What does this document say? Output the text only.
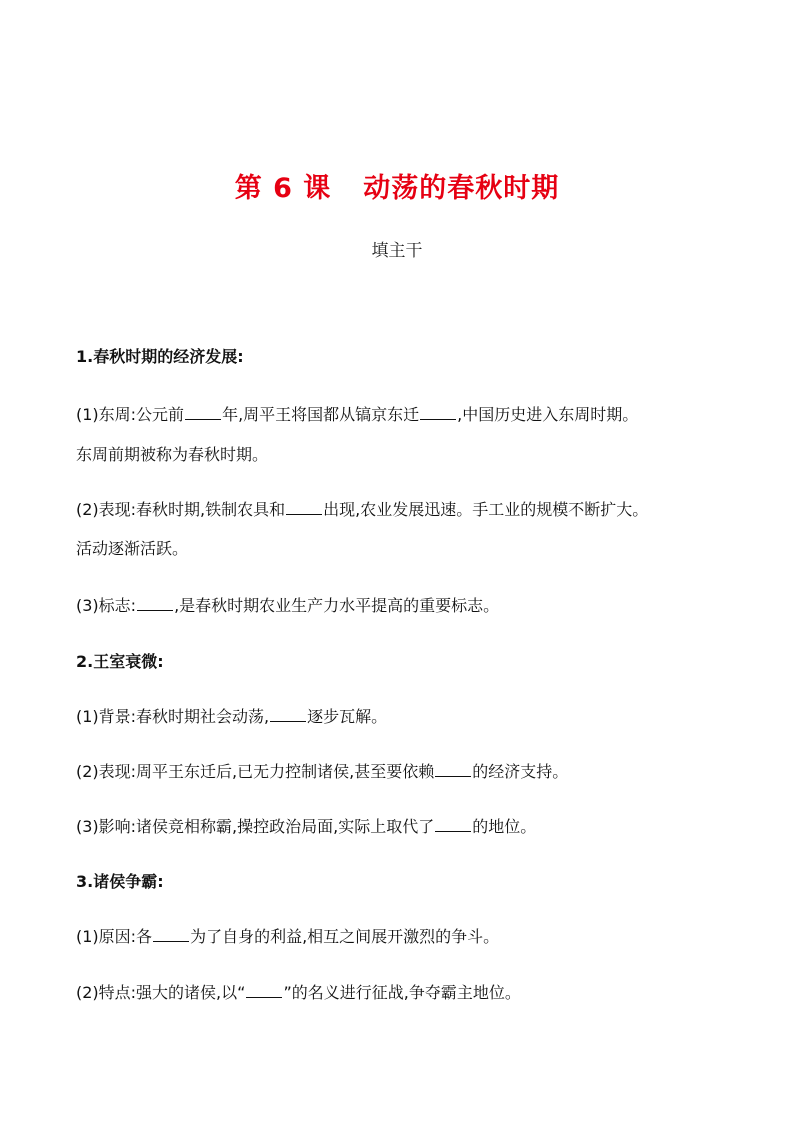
第 6 课 动荡的春秋时期
填主干
1.春秋时期的经济发展:
(1)东周:公元前 年,周平王将国都从镐京东迁 ,中国历史进入东周时期。
东周前期被称为春秋时期。
(2)表现:春秋时期,铁制农具和 出现,农业发展迅速。手工业的规模不断扩大。
活动逐渐活跃。
(3)标志: ,是春秋时期农业生产力水平提高的重要标志。
2.王室衰微:
(1)背景:春秋时期社会动荡, 逐步瓦解。
(2)表现:周平王东迁后,已无力控制诸侯,甚至要依赖 的经济支持。
(3)影响:诸侯竞相称霸,操控政治局面,实际上取代了 的地位。
3.诸侯争霸:
(1)原因:各 为了自身的利益,相互之间展开激烈的争斗。
(2)特点:强大的诸侯,以“ ”的名义进行征战,争夺霸主地位。
